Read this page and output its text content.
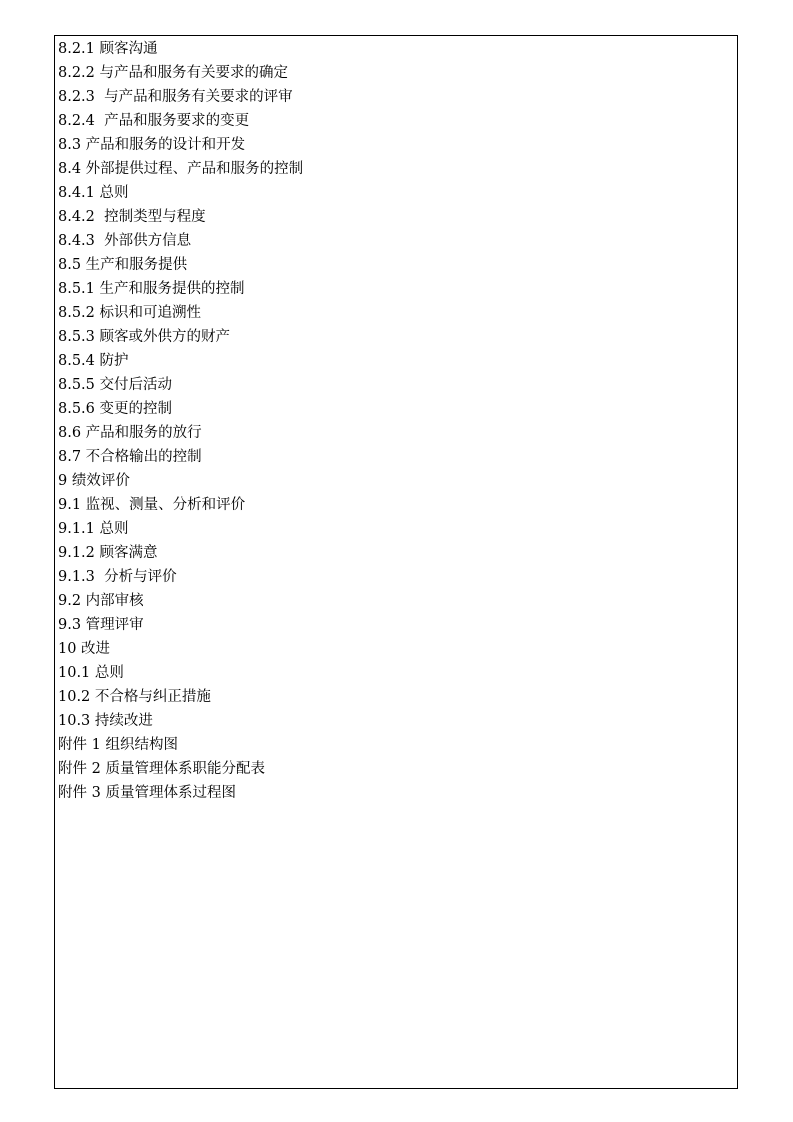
8.2.1 顾客沟通
8.2.2 与产品和服务有关要求的确定
8.2.3  与产品和服务有关要求的评审
8.2.4  产品和服务要求的变更
8.3 产品和服务的设计和开发
8.4 外部提供过程、产品和服务的控制
8.4.1 总则
8.4.2  控制类型与程度
8.4.3  外部供方信息
8.5 生产和服务提供
8.5.1 生产和服务提供的控制
8.5.2 标识和可追溯性
8.5.3 顾客或外供方的财产
8.5.4 防护
8.5.5 交付后活动
8.5.6 变更的控制
8.6 产品和服务的放行
8.7 不合格输出的控制
9 绩效评价
9.1 监视、测量、分析和评价
9.1.1 总则
9.1.2 顾客满意
9.1.3  分析与评价
9.2 内部审核
9.3 管理评审
10 改进
10.1 总则
10.2 不合格与纠正措施
10.3 持续改进
附件 1 组织结构图
附件 2 质量管理体系职能分配表
附件 3 质量管理体系过程图
